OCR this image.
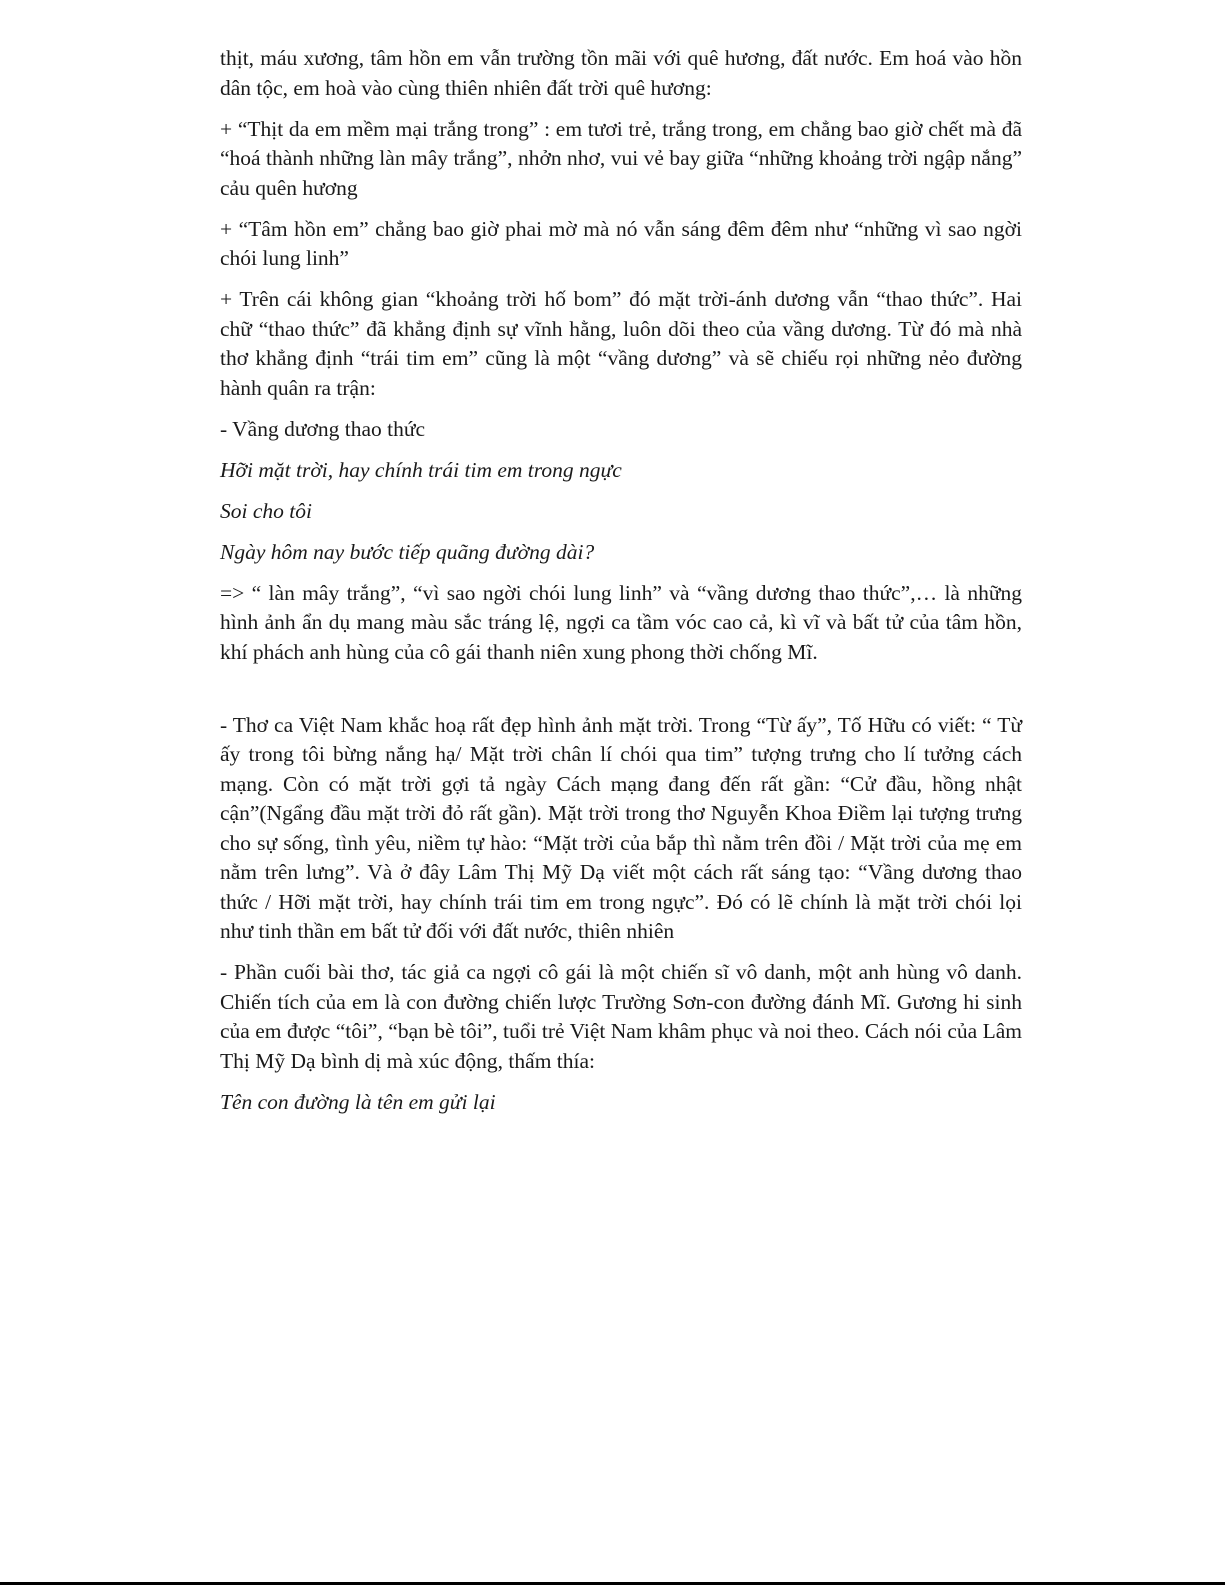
thịt, máu xương, tâm hồn em vẫn trường tồn mãi với quê hương, đất nước. Em hoá vào hồn dân tộc, em hoà vào cùng thiên nhiên đất trời quê hương:

+ “Thịt da em mềm mại trắng trong” : em tươi trẻ, trắng trong, em chẳng bao giờ chết mà đã “hoá thành những làn mây trắng”, nhởn nhơ, vui vẻ bay giữa “những khoảng trời ngập nắng” cảu quên hương

+ “Tâm hồn em” chẳng bao giờ phai mờ mà nó vẫn sáng đêm đêm như “những vì sao ngời chói lung linh”

+ Trên cái không gian “khoảng trời hố bom” đó mặt trời-ánh dương vẫn “thao thức”. Hai chữ “thao thức” đã khẳng định sự vĩnh hằng, luôn dõi theo của vầng dương. Từ đó mà nhà thơ khẳng định “trái tim em” cũng là một “vầng dương” và sẽ chiếu rọi những nẻo đường hành quân ra trận:

- Vầng dương thao thức

Hỡi mặt trời, hay chính trái tim em trong ngực

Soi cho tôi

Ngày hôm nay bước tiếp quãng đường dài?

=> “ làn mây trắng”, “vì sao ngời chói lung linh” và “vầng dương thao thức”,… là những hình ảnh ẩn dụ mang màu sắc tráng lệ, ngợi ca tầm vóc cao cả, kì vĩ và bất tử của tâm hồn, khí phách anh hùng của cô gái thanh niên xung phong thời chống Mĩ.

- Thơ ca Việt Nam khắc hoạ rất đẹp hình ảnh mặt trời. Trong “Từ ấy”, Tố Hữu có viết: “ Từ ấy trong tôi bừng nắng hạ/ Mặt trời chân lí chói qua tim” tượng trưng cho lí tưởng cách mạng. Còn có mặt trời gợi tả ngày Cách mạng đang đến rất gần: “Cử đầu, hồng nhật cận”(Ngẩng đầu mặt trời đỏ rất gần). Mặt trời trong thơ Nguyễn Khoa Điềm lại tượng trưng cho sự sống, tình yêu, niềm tự hào: “Mặt trời của bắp thì nằm trên đồi / Mặt trời của mẹ em nằm trên lưng”. Và ở đây Lâm Thị Mỹ Dạ viết một cách rất sáng tạo: “Vầng dương thao thức / Hỡi mặt trời, hay chính trái tim em trong ngực”. Đó có lẽ chính là mặt trời chói lọi như tinh thần em bất tử đối với đất nước, thiên nhiên

- Phần cuối bài thơ, tác giả ca ngợi cô gái là một chiến sĩ vô danh, một anh hùng vô danh. Chiến tích của em là con đường chiến lược Trường Sơn-con đường đánh Mĩ. Gương hi sinh của em được “tôi”, “bạn bè tôi”, tuổi trẻ Việt Nam khâm phục và noi theo. Cách nói của Lâm Thị Mỹ Dạ bình dị mà xúc động, thấm thía:

Tên con đường là tên em gửi lại
